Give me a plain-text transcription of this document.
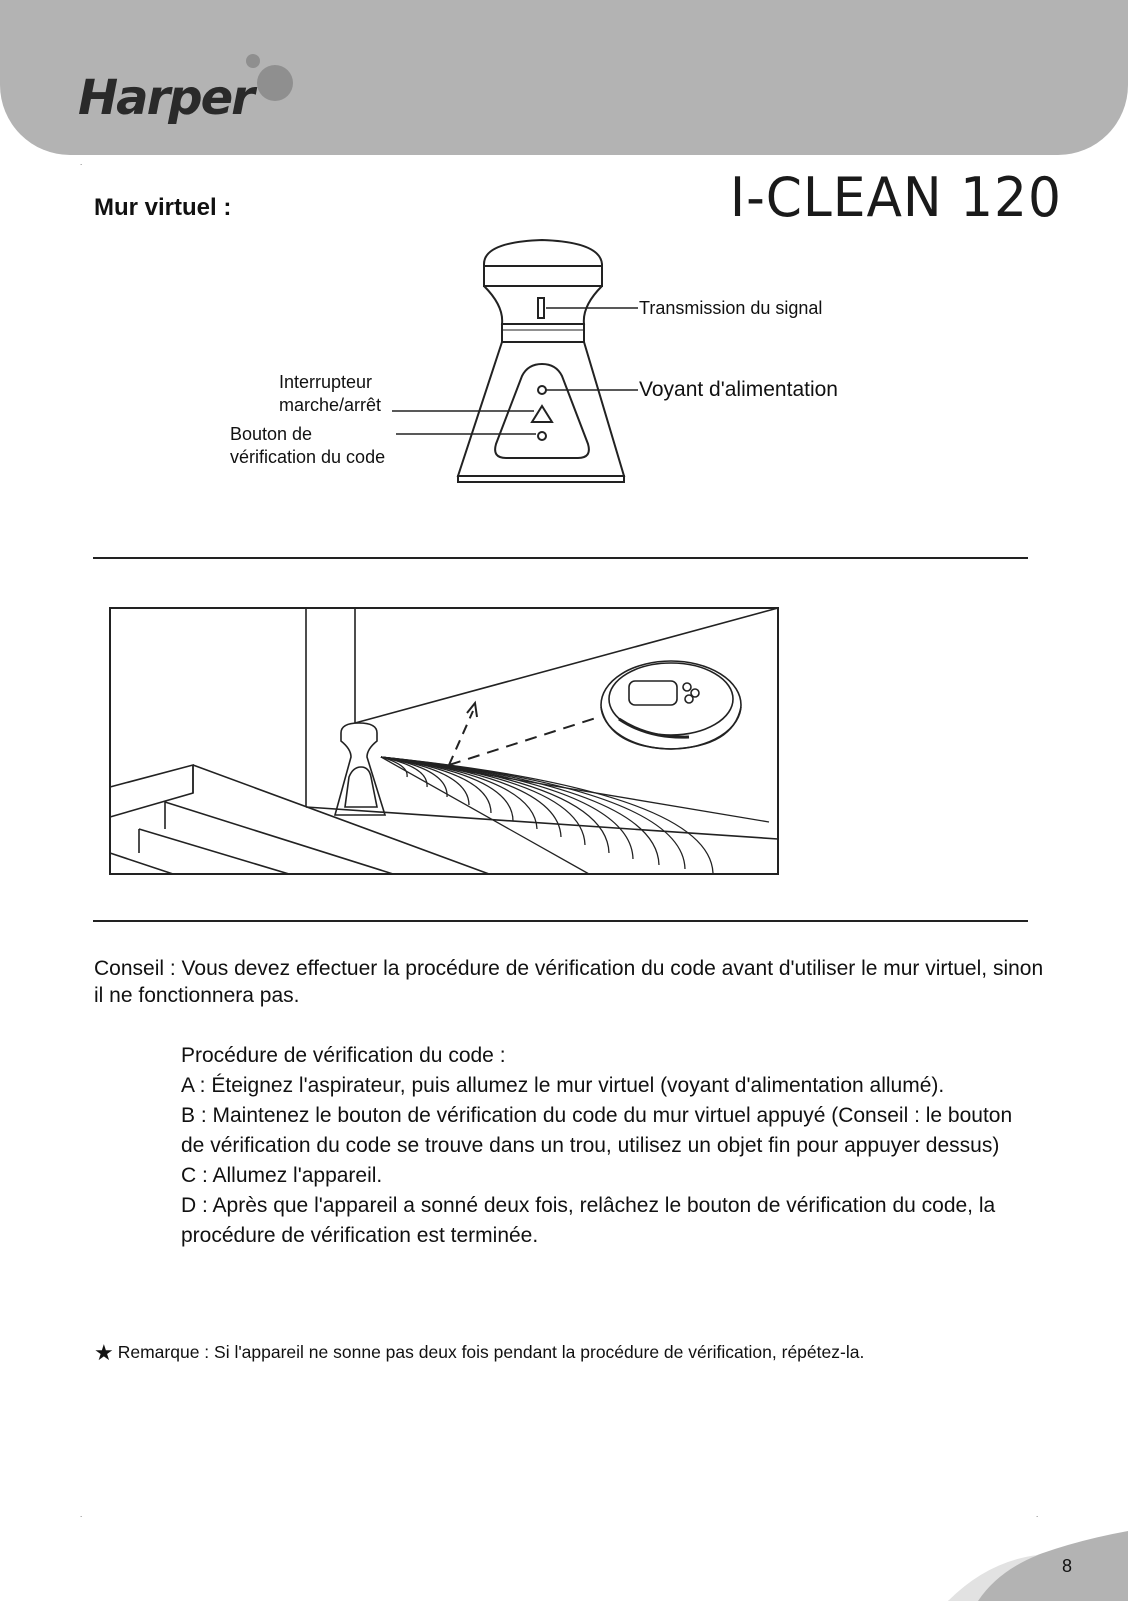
Harper
.
I-CLEAN 120
Mur virtuel :
Transmission du signal
Voyant d'alimentation
Interrupteur
marche/arrêt
Bouton de
vérification du code
Conseil : Vous devez effectuer la procédure de vérification du code avant d'utiliser le mur virtuel, sinon il ne fonctionnera pas.
Procédure de vérification du code :
A : Éteignez l'aspirateur, puis allumez le mur virtuel (voyant d'alimentation allumé).
B : Maintenez le bouton de vérification du code du mur virtuel appuyé (Conseil : le bouton de vérification du code se trouve dans un trou, utilisez un objet fin pour appuyer dessus)
C : Allumez l'appareil.
D : Après que l'appareil a sonné deux fois, relâchez le bouton de vérification du code, la procédure de vérification est terminée.
★ Remarque : Si l'appareil ne sonne pas deux fois pendant la procédure de vérification, répétez-la.
.	.
8
